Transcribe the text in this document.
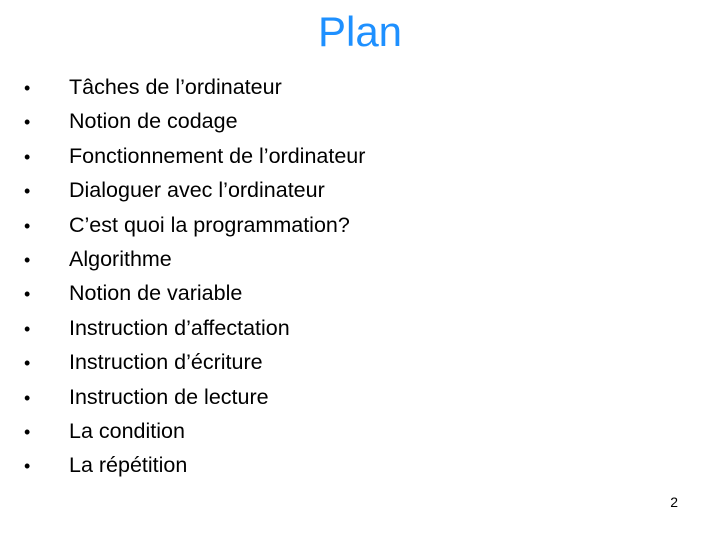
Plan
•	Tâches de l’ordinateur
•	Notion de codage
•	Fonctionnement de l’ordinateur
•	Dialoguer avec l’ordinateur
•	C’est quoi la programmation?
•	Algorithme
•	Notion de variable
•	Instruction d’affectation
•	Instruction d’écriture
•	Instruction de lecture
•	La condition
•	La répétition
2
